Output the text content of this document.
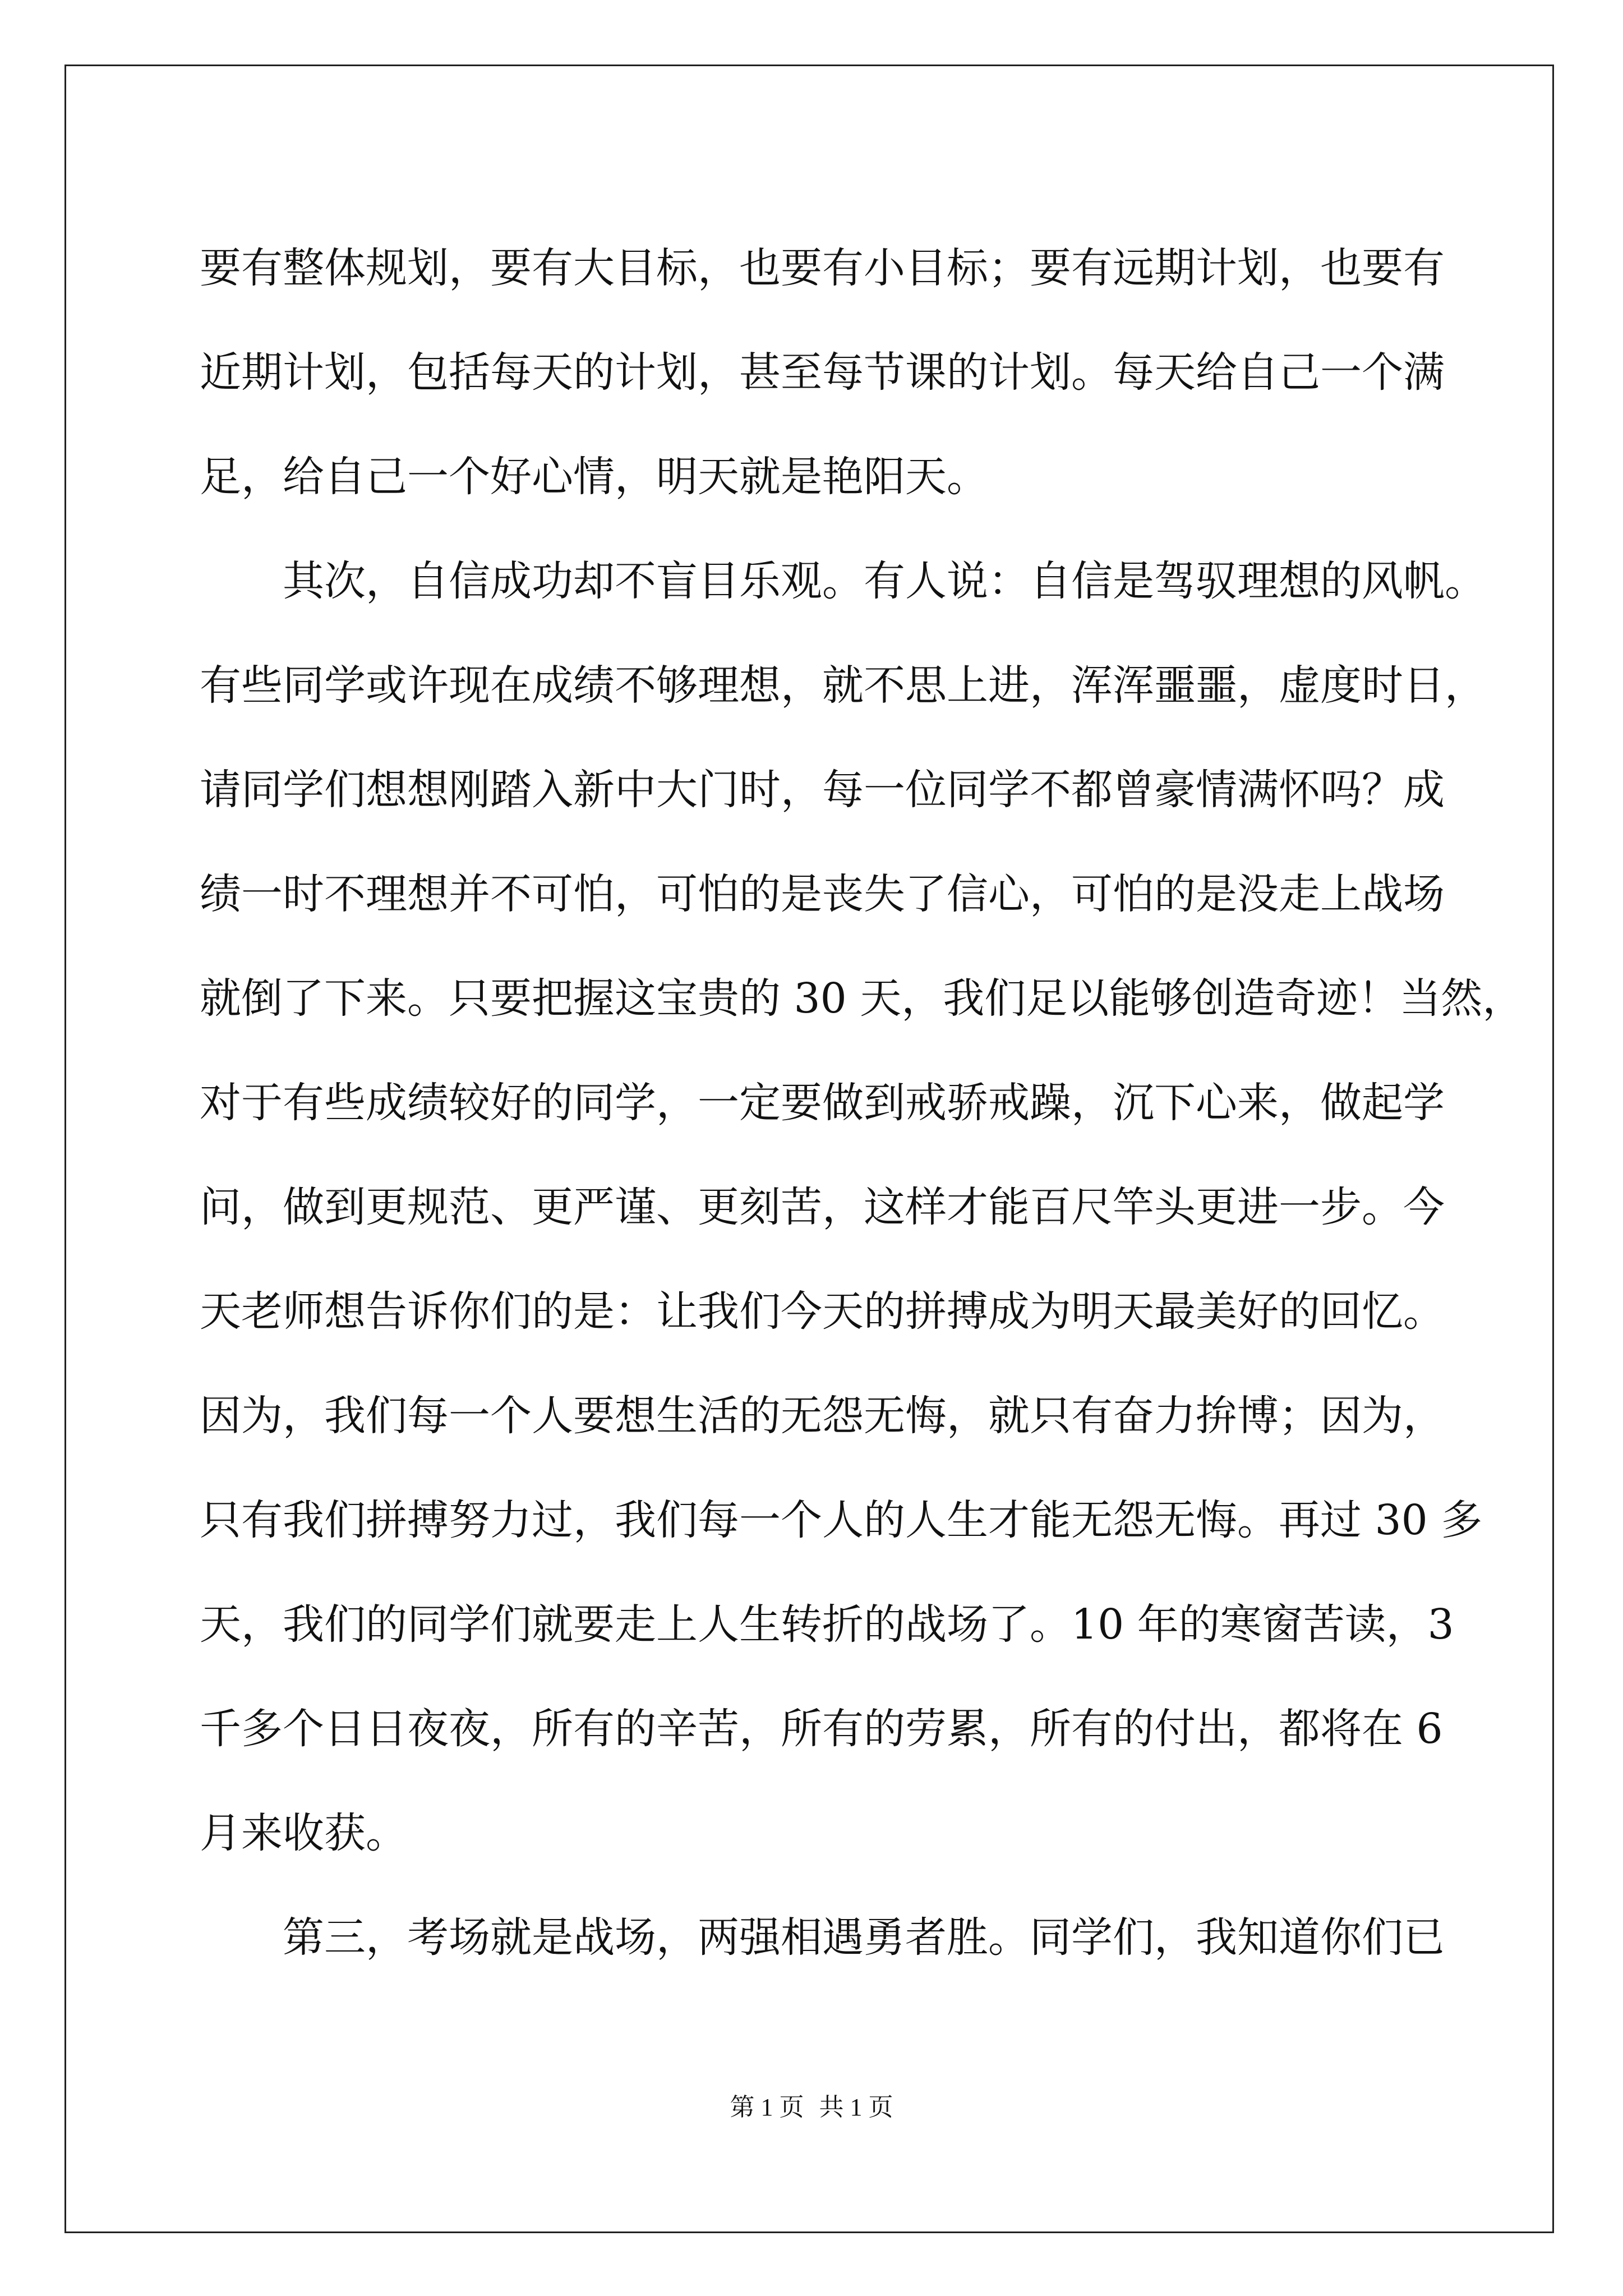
要有整体规划，要有大目标，也要有小目标；要有远期计划，也要有
近期计划，包括每天的计划，甚至每节课的计划。每天给自己一个满
足，给自己一个好心情，明天就是艳阳天。
其次，自信成功却不盲目乐观。有人说：自信是驾驭理想的风帆。
有些同学或许现在成绩不够理想，就不思上进，浑浑噩噩，虚度时日，
请同学们想想刚踏入新中大门时，每一位同学不都曾豪情满怀吗？成
绩一时不理想并不可怕，可怕的是丧失了信心，可怕的是没走上战场
就倒了下来。只要把握这宝贵的 30 天，我们足以能够创造奇迹！当然，
对于有些成绩较好的同学，一定要做到戒骄戒躁，沉下心来，做起学
问，做到更规范、更严谨、更刻苦，这样才能百尺竿头更进一步。今
天老师想告诉你们的是：让我们今天的拼搏成为明天最美好的回忆。
因为，我们每一个人要想生活的无怨无悔，就只有奋力拚博；因为，
只有我们拼搏努力过，我们每一个人的人生才能无怨无悔。再过 30 多
天，我们的同学们就要走上人生转折的战场了。10 年的寒窗苦读，3
千多个日日夜夜，所有的辛苦，所有的劳累，所有的付出，都将在 6
月来收获。
第三，考场就是战场，两强相遇勇者胜。同学们，我知道你们已
第 1 页 共 1 页
